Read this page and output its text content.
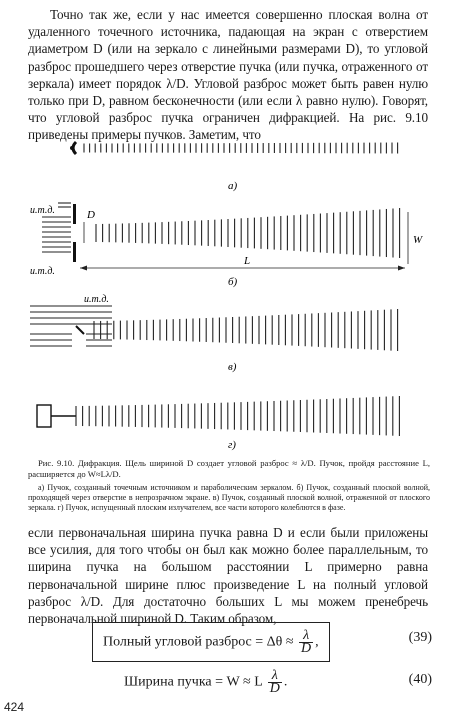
Точно так же, если у нас имеется совершенно плоская волна от удаленного точечного источника, падающая на экран с отверстием диаметром D (или на зеркало с линейными размерами D), то угловой разброс прошедшего через отверстие пучка (или пучка, отраженного от зеркала) имеет порядок λ/D. Угловой разброс может быть равен нулю только при D, равном бесконечности (или если λ равно нулю). Говорят, что угловой разброс пучка ограничен дифракцией. На рис. 9.10 приведены примеры пучков. Заметим, что

а)
и.т.д.
и.т.д.
D
W
L
б)
и.т.д.
в)
г)

Рис. 9.10. Дифракция. Щель шириной D создает угловой разброс ≈ λ/D. Пучок, пройдя расстояние L, расширяется до W≈Lλ/D.

а) Пучок, созданный точечным источником и параболическим зеркалом. б) Пучок, созданный плоской волной, проходящей через отверстие в непрозрачном экране. в) Пучок, созданный плоской волной, отраженной от плоского зеркала. г) Пучок, испущенный плоским излучателем, все части которого колеблются в фазе.

если первоначальная ширина пучка равна D и если были приложены все усилия, для того чтобы он был как можно более параллельным, то ширина пучка на большом расстоянии L примерно равна первоначальной ширине плюс произведение L на полный угловой разброс λ/D. Для достаточно больших L мы можем пренебречь первоначальной шириной D. Таким образом,

Полный угловой разброс = $\Delta\theta \approx \frac{\lambda}{D}$ ,	(39)
Ширина пучка = W ≈ L $\frac{\lambda}{D}$ .	(40)
424
